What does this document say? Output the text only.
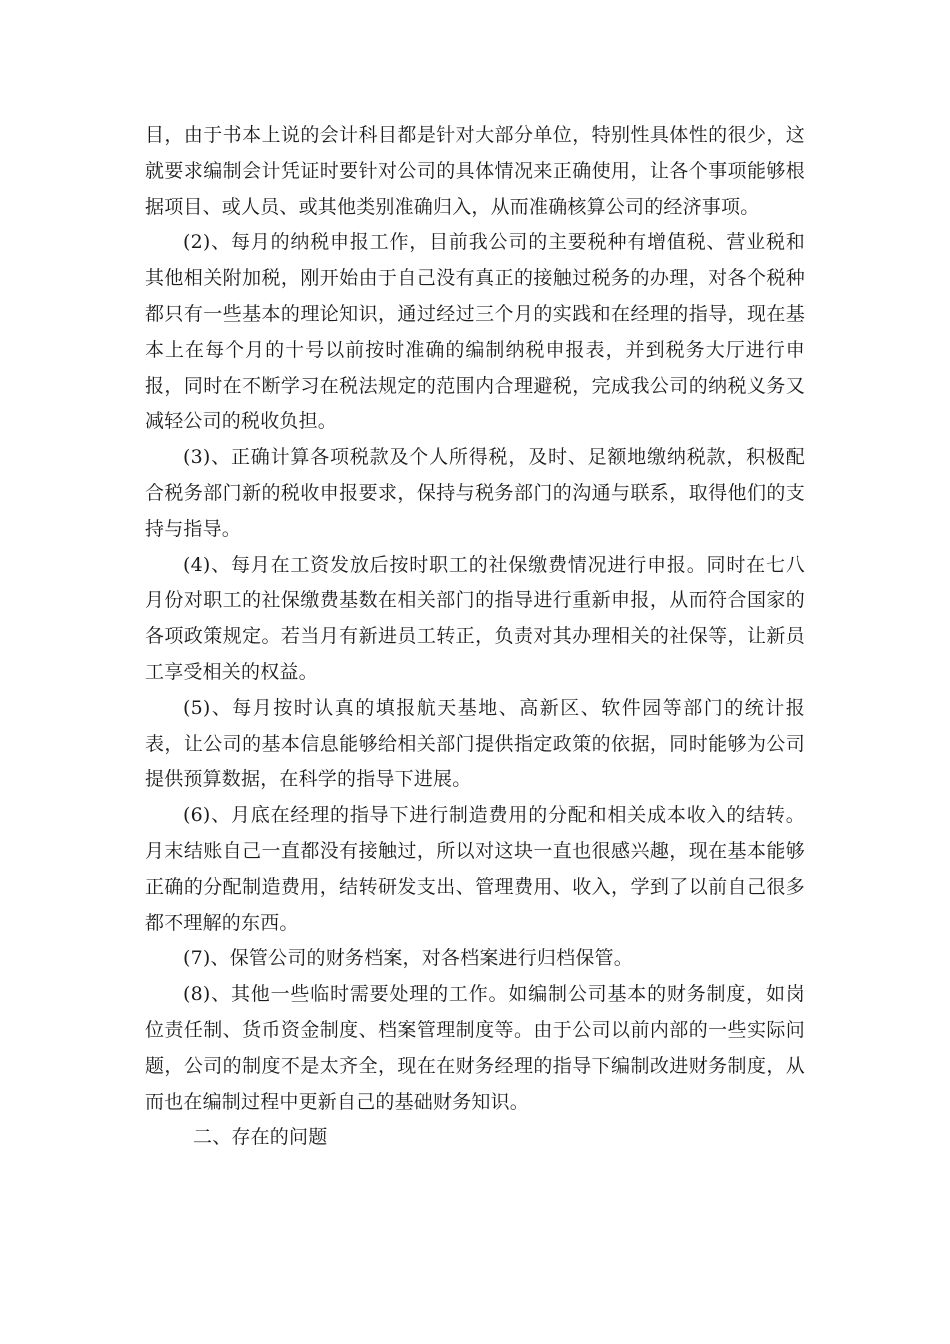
目，由于书本上说的会计科目都是针对大部分单位，特别性具体性的很少，这就要求编制会计凭证时要针对公司的具体情况来正确使用，让各个事项能够根据项目、或人员、或其他类别准确归入，从而准确核算公司的经济事项。

(2)、每月的纳税申报工作，目前我公司的主要税种有增值税、营业税和其他相关附加税，刚开始由于自己没有真正的接触过税务的办理，对各个税种都只有一些基本的理论知识，通过经过三个月的实践和在经理的指导，现在基本上在每个月的十号以前按时准确的编制纳税申报表，并到税务大厅进行申报，同时在不断学习在税法规定的范围内合理避税，完成我公司的纳税义务又减轻公司的税收负担。

(3)、正确计算各项税款及个人所得税，及时、足额地缴纳税款，积极配合税务部门新的税收申报要求，保持与税务部门的沟通与联系，取得他们的支持与指导。

(4)、每月在工资发放后按时职工的社保缴费情况进行申报。同时在七八月份对职工的社保缴费基数在相关部门的指导进行重新申报，从而符合国家的各项政策规定。若当月有新进员工转正，负责对其办理相关的社保等，让新员工享受相关的权益。

(5)、每月按时认真的填报航天基地、高新区、软件园等部门的统计报表，让公司的基本信息能够给相关部门提供指定政策的依据，同时能够为公司提供预算数据，在科学的指导下进展。

(6)、月底在经理的指导下进行制造费用的分配和相关成本收入的结转。月末结账自己一直都没有接触过，所以对这块一直也很感兴趣，现在基本能够正确的分配制造费用，结转研发支出、管理费用、收入，学到了以前自己很多都不理解的东西。

(7)、保管公司的财务档案，对各档案进行归档保管。

(8)、其他一些临时需要处理的工作。如编制公司基本的财务制度，如岗位责任制、货币资金制度、档案管理制度等。由于公司以前内部的一些实际问题，公司的制度不是太齐全，现在在财务经理的指导下编制改进财务制度，从而也在编制过程中更新自己的基础财务知识。

二、存在的问题
